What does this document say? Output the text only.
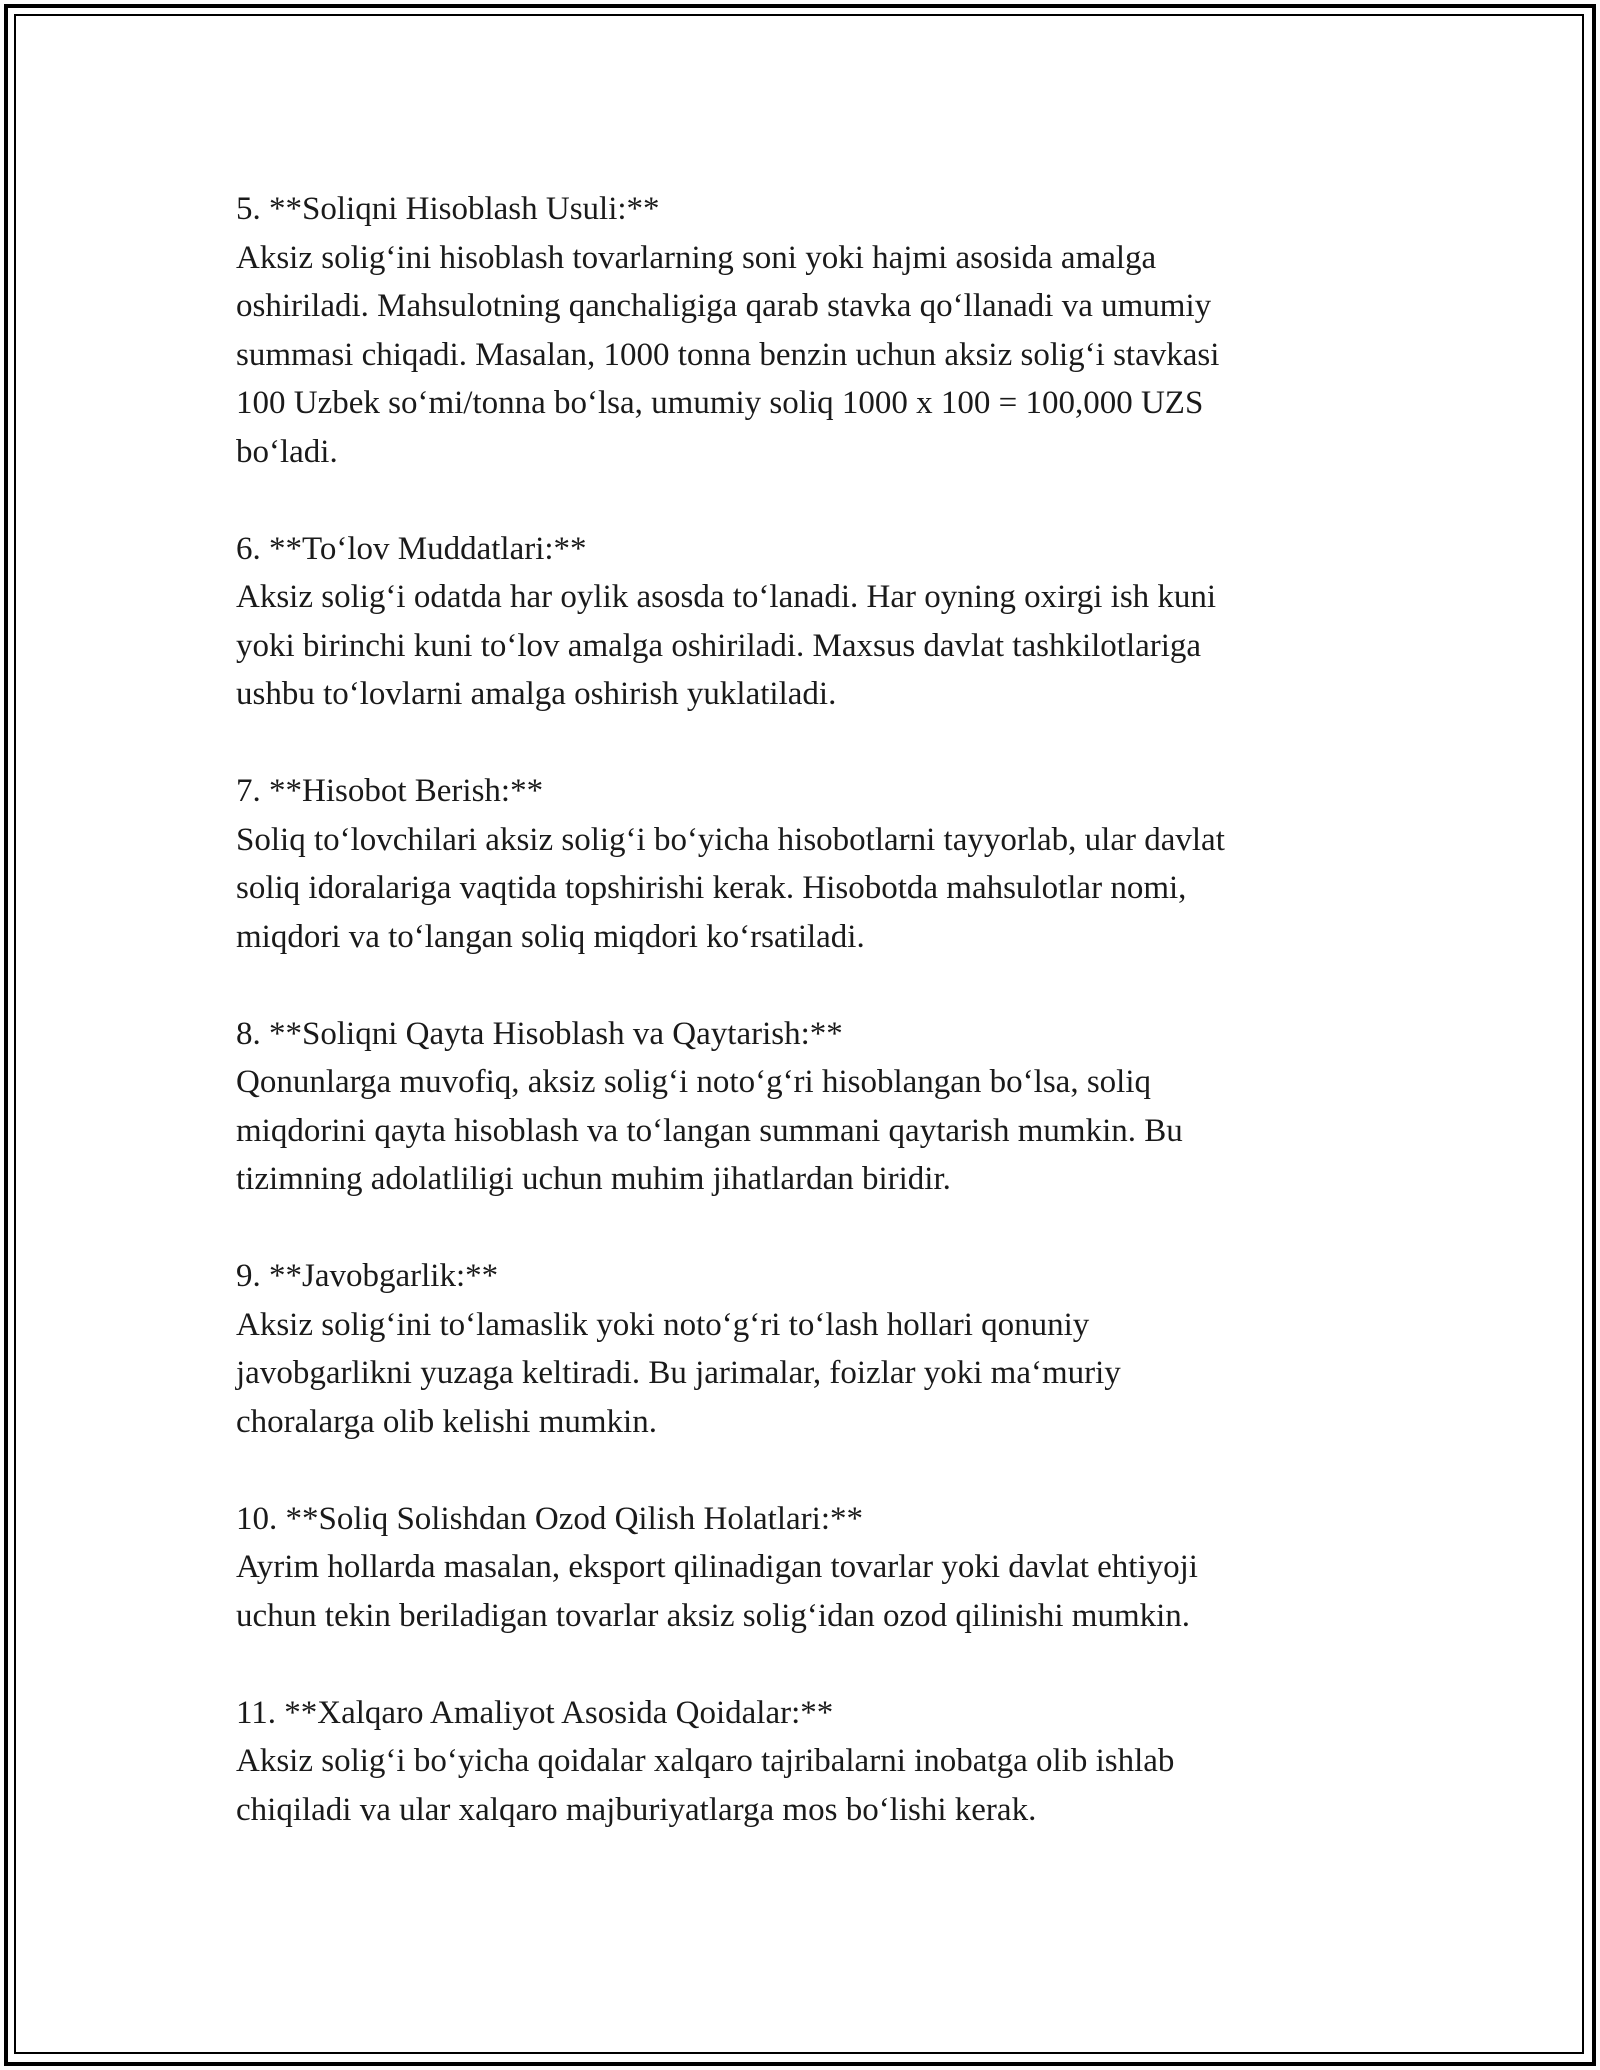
5. **Soliqni Hisoblash Usuli:**

Aksiz solig‘ini hisoblash tovarlarning soni yoki hajmi asosida amalga
oshiriladi. Mahsulotning qanchaligiga qarab stavka qo‘llanadi va umumiy
summasi chiqadi. Masalan, 1000 tonna benzin uchun aksiz solig‘i stavkasi
100 Uzbek so‘mi/tonna bo‘lsa, umumiy soliq 1000 x 100 = 100,000 UZS
bo‘ladi.

6. **To‘lov Muddatlari:**

Aksiz solig‘i odatda har oylik asosda to‘lanadi. Har oyning oxirgi ish kuni
yoki birinchi kuni to‘lov amalga oshiriladi. Maxsus davlat tashkilotlariga
ushbu to‘lovlarni amalga oshirish yuklatiladi.

7. **Hisobot Berish:**

Soliq to‘lovchilari aksiz solig‘i bo‘yicha hisobotlarni tayyorlab, ular davlat
soliq idoralariga vaqtida topshirishi kerak. Hisobotda mahsulotlar nomi,
miqdori va to‘langan soliq miqdori ko‘rsatiladi.

8. **Soliqni Qayta Hisoblash va Qaytarish:**

Qonunlarga muvofiq, aksiz solig‘i noto‘g‘ri hisoblangan bo‘lsa, soliq
miqdorini qayta hisoblash va to‘langan summani qaytarish mumkin. Bu
tizimning adolatliligi uchun muhim jihatlardan biridir.

9. **Javobgarlik:**

Aksiz solig‘ini to‘lamaslik yoki noto‘g‘ri to‘lash hollari qonuniy
javobgarlikni yuzaga keltiradi. Bu jarimalar, foizlar yoki ma‘muriy
choralarga olib kelishi mumkin.

10. **Soliq Solishdan Ozod Qilish Holatlari:**

Ayrim hollarda masalan, eksport qilinadigan tovarlar yoki davlat ehtiyoji
uchun tekin beriladigan tovarlar aksiz solig‘idan ozod qilinishi mumkin.

11. **Xalqaro Amaliyot Asosida Qoidalar:**

Aksiz solig‘i bo‘yicha qoidalar xalqaro tajribalarni inobatga olib ishlab
chiqiladi va ular xalqaro majburiyatlarga mos bo‘lishi kerak.
